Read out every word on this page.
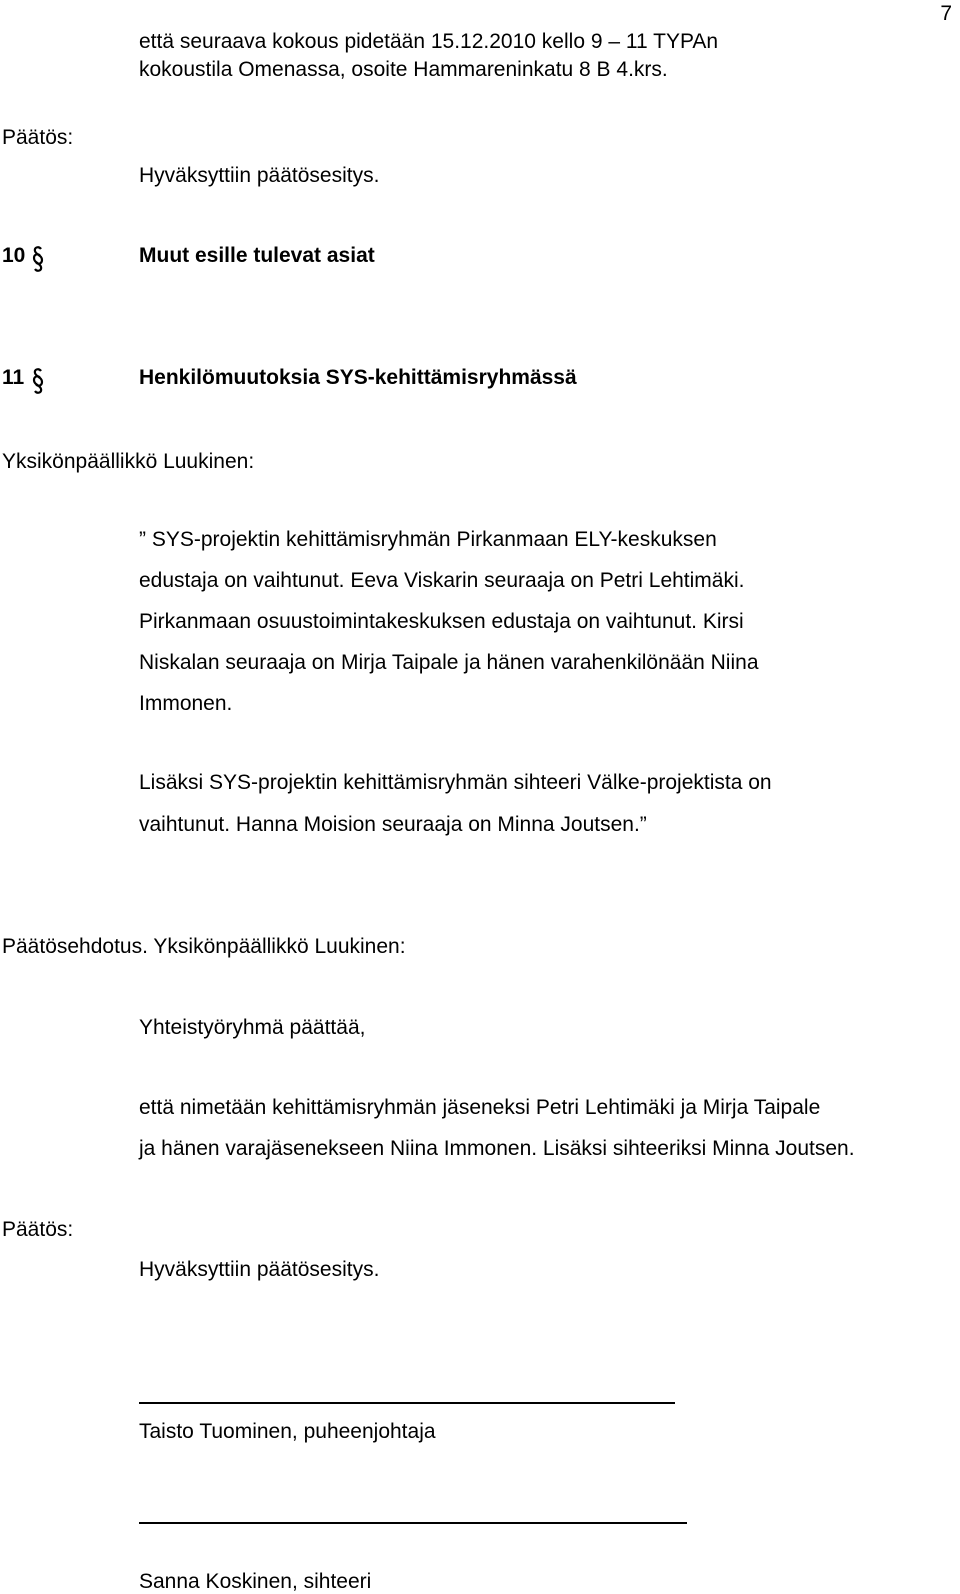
7
että seuraava kokous pidetään 15.12.2010 kello 9 – 11 TYPAn
kokoustila Omenassa, osoite Hammareninkatu 8 B 4.krs.
Päätös:
Hyväksyttiin päätösesitys.
10	Muut esille tulevat asiat
11	Henkilömuutoksia SYS-kehittämisryhmässä
Yksikönpäällikkö Luukinen:
” SYS-projektin kehittämisryhmän Pirkanmaan ELY-keskuksen
edustaja on vaihtunut. Eeva Viskarin seuraaja on Petri Lehtimäki.
Pirkanmaan osuustoimintakeskuksen edustaja on vaihtunut. Kirsi
Niskalan seuraaja on Mirja Taipale ja hänen varahenkilönään Niina
Immonen.
Lisäksi SYS-projektin kehittämisryhmän sihteeri Välke-projektista on
vaihtunut. Hanna Moision seuraaja on Minna Joutsen.”
Päätösehdotus. Yksikönpäällikkö Luukinen:
Yhteistyöryhmä päättää,
että nimetään kehittämisryhmän jäseneksi Petri Lehtimäki ja Mirja Taipale
ja hänen varajäsenekseen Niina Immonen. Lisäksi sihteeriksi Minna Joutsen.
Päätös:
Hyväksyttiin päätösesitys.
Taisto Tuominen, puheenjohtaja
Sanna Koskinen, sihteeri
